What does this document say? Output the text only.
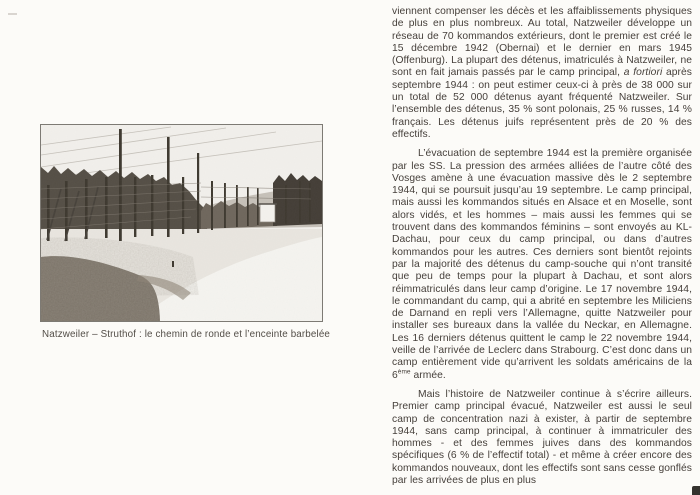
Natzweiler – Struthof : le chemin de ronde et l’enceinte barbelée

viennent compenser les décès et les affaiblissements physiques de plus en plus nombreux. Au total, Natzweiler développe un réseau de 70 kommandos extérieurs, dont le premier est créé le 15 décembre 1942 (Obernai) et le dernier en mars 1945 (Offenburg). La plupart des détenus, imatriculés à Natzweiler, ne sont en fait jamais passés par le camp principal, a fortiori après septembre 1944 : on peut estimer ceux-ci à près de 38 000 sur un total de 52 000 détenus ayant fréquenté Natzweiler. Sur l’ensemble des détenus, 35 % sont polonais, 25 % russes, 14 % français. Les détenus juifs représentent près de 20 % des effectifs.

L’évacuation de septembre 1944 est la première organisée par les SS. La pression des armées alliées de l’autre côté des Vosges amène à une évacuation massive dès le 2 septembre 1944, qui se poursuit jusqu’au 19 septembre. Le camp principal, mais aussi les kommandos situés en Alsace et en Moselle, sont alors vidés, et les hommes – mais aussi les femmes qui se trouvent dans des kommandos féminins – sont envoyés au KL-Dachau, pour ceux du camp principal, ou dans d’autres kommandos pour les autres. Ces derniers sont bientôt rejoints par la majorité des détenus du camp-souche qui n’ont transité que peu de temps pour la plupart à Dachau, et sont alors réimmatriculés dans leur camp d’origine. Le 17 novembre 1944, le commandant du camp, qui a abrité en septembre les Miliciens de Darnand en repli vers l’Allemagne, quitte Natzweiler pour installer ses bureaux dans la vallée du Neckar, en Allemagne. Les 16 derniers détenus quittent le camp le 22 novembre 1944, veille de l’arrivée de Leclerc dans Strabourg. C’est donc dans un camp entièrement vide qu’arrivent les soldats américains de la 6ème armée.

Mais l’histoire de Natzweiler continue à s’écrire ailleurs. Premier camp principal évacué, Natzweiler est aussi le seul camp de concentration nazi à exister, à partir de septembre 1944, sans camp principal, à continuer à immatriculer des hommes - et des femmes juives dans des kommandos spécifiques (6 % de l’effectif total) - et même à créer encore des kommandos nouveaux, dont les effectifs sont sans cesse gonflés par les arrivées de plus en plus
